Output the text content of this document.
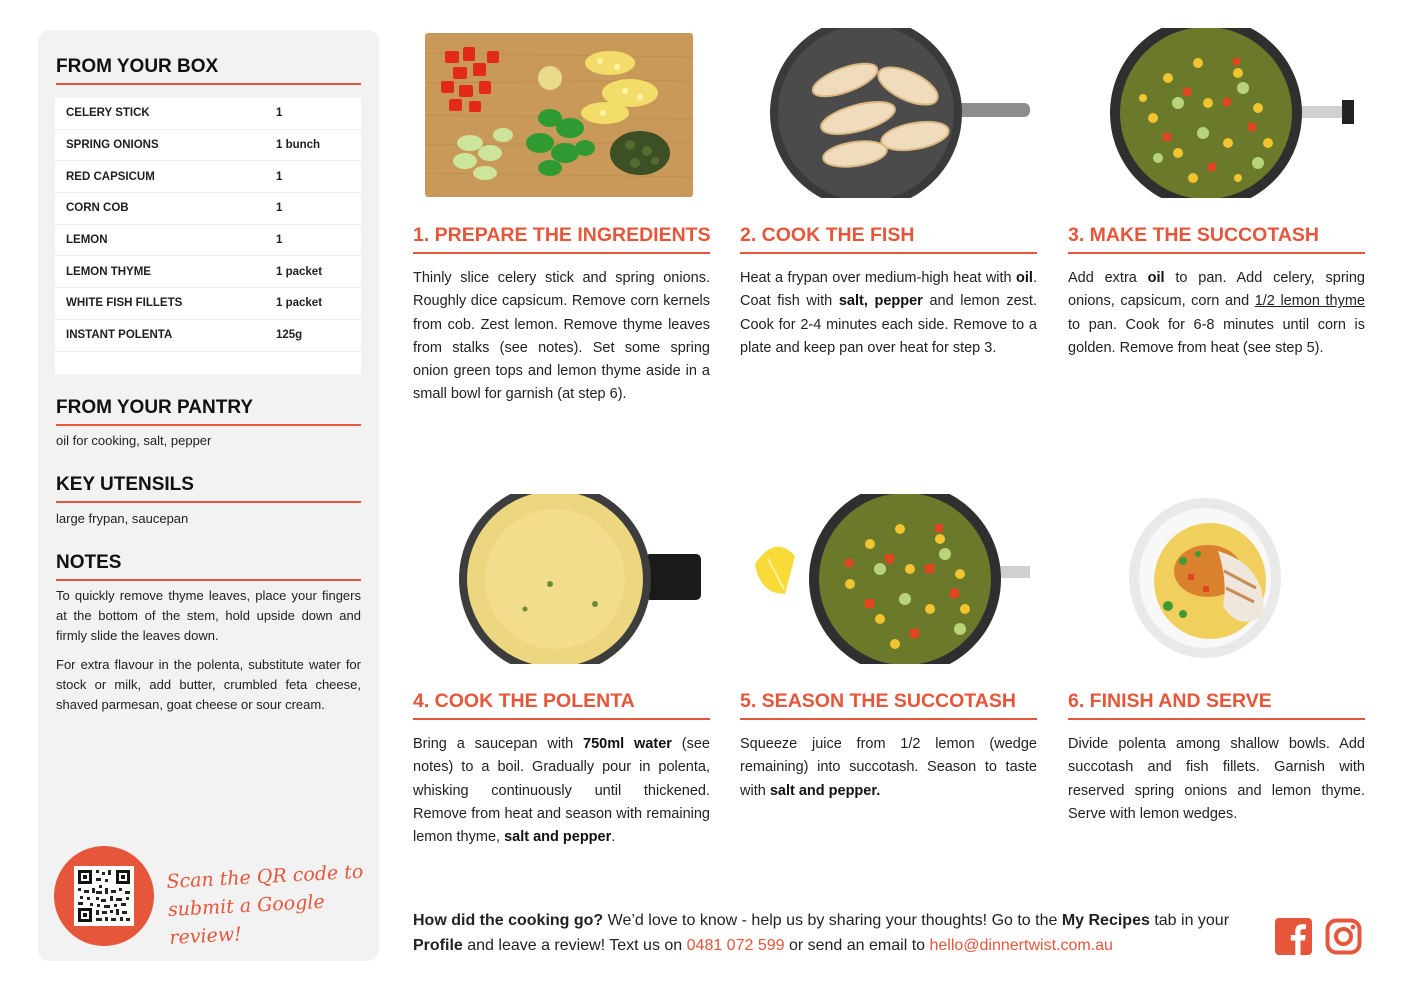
FROM YOUR BOX
CELERY STICK	1
SPRING ONIONS	1 bunch
RED CAPSICUM	1
CORN COB	1
LEMON	1
LEMON THYME	1 packet
WHITE FISH FILLETS	1 packet
INSTANT POLENTA	125g
FROM YOUR PANTRY
oil for cooking, salt, pepper
KEY UTENSILS
large frypan, saucepan
NOTES

To quickly remove thyme leaves, place your fingers at the bottom of the stem, hold upside down and firmly slide the leaves down.

For extra flavour in the polenta, substitute water for stock or milk, add butter, crumbled feta cheese, shaved parmesan, goat cheese or sour cream.

Scan the QR code to
submit a Google review!
1. PREPARE THE INGREDIENTS
Thinly slice celery stick and spring onions. Roughly dice capsicum. Remove corn kernels from cob. Zest lemon. Remove thyme leaves from stalks (see notes). Set some spring onion green tops and lemon thyme aside in a small bowl for garnish (at step 6).
2. COOK THE FISH
Heat a frypan over medium-high heat with oil. Coat fish with salt, pepper and lemon zest. Cook for 2-4 minutes each side. Remove to a plate and keep pan over heat for step 3.
3. MAKE THE SUCCOTASH
Add extra oil to pan. Add celery, spring onions, capsicum, corn and 1/2 lemon thyme to pan. Cook for 6-8 minutes until corn is golden. Remove from heat (see step 5).
4. COOK THE POLENTA
Bring a saucepan with 750ml water (see notes) to a boil. Gradually pour in polenta, whisking continuously until thickened. Remove from heat and season with remaining lemon thyme, salt and pepper.
5. SEASON THE SUCCOTASH
Squeeze juice from 1/2 lemon (wedge remaining) into succotash. Season to taste with salt and pepper.
6. FINISH AND SERVE
Divide polenta among shallow bowls. Add succotash and fish fillets. Garnish with reserved spring onions and lemon thyme. Serve with lemon wedges.
How did the cooking go? We’d love to know - help us by sharing your thoughts! Go to the My Recipes tab in your Profile and leave a review! Text us on 0481 072 599 or send an email to hello@dinnertwist.com.au
